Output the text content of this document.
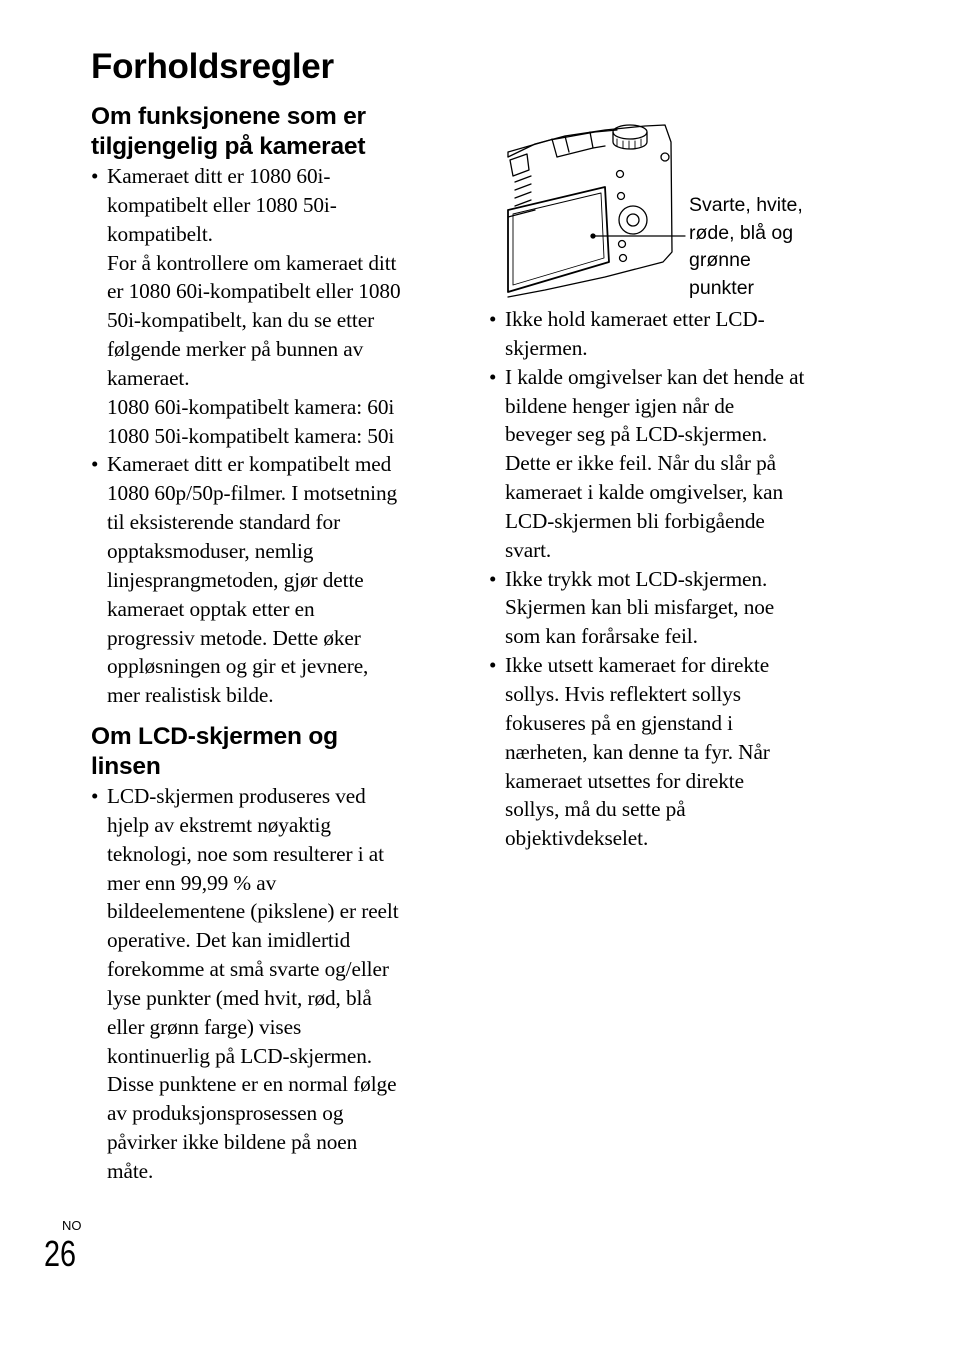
Forholdsregler
Om funksjonene som er
tilgjengelig på kameraet
• Kameraet ditt er 1080 60i-
kompatibelt eller 1080 50i-
kompatibelt.
For å kontrollere om kameraet ditt
er 1080 60i-kompatibelt eller 1080
50i-kompatibelt, kan du se etter
følgende merker på bunnen av
kameraet.
1080 60i-kompatibelt kamera: 60i
1080 50i-kompatibelt kamera: 50i
• Kameraet ditt er kompatibelt med
1080 60p/50p-filmer. I motsetning
til eksisterende standard for
opptaksmoduser, nemlig
linjesprangmetoden, gjør dette
kameraet opptak etter en
progressiv metode. Dette øker
oppløsningen og gir et jevnere,
mer realistisk bilde.
Om LCD-skjermen og
linsen
• LCD-skjermen produseres ved
hjelp av ekstremt nøyaktig
teknologi, noe som resulterer i at
mer enn 99,99 % av
bildeelementene (pikslene) er reelt
operative. Det kan imidlertid
forekomme at små svarte og/eller
lyse punkter (med hvit, rød, blå
eller grønn farge) vises
kontinuerlig på LCD-skjermen.
Disse punktene er en normal følge
av produksjonsprosessen og
påvirker ikke bildene på noen
måte.
Svarte, hvite,
røde, blå og
grønne
punkter
• Ikke hold kameraet etter LCD-
skjermen.
• I kalde omgivelser kan det hende at
bildene henger igjen når de
beveger seg på LCD-skjermen.
Dette er ikke feil. Når du slår på
kameraet i kalde omgivelser, kan
LCD-skjermen bli forbigående
svart.
• Ikke trykk mot LCD-skjermen.
Skjermen kan bli misfarget, noe
som kan forårsake feil.
• Ikke utsett kameraet for direkte
sollys. Hvis reflektert sollys
fokuseres på en gjenstand i
nærheten, kan denne ta fyr. Når
kameraet utsettes for direkte
sollys, må du sette på
objektivdekselet.
NO
26
